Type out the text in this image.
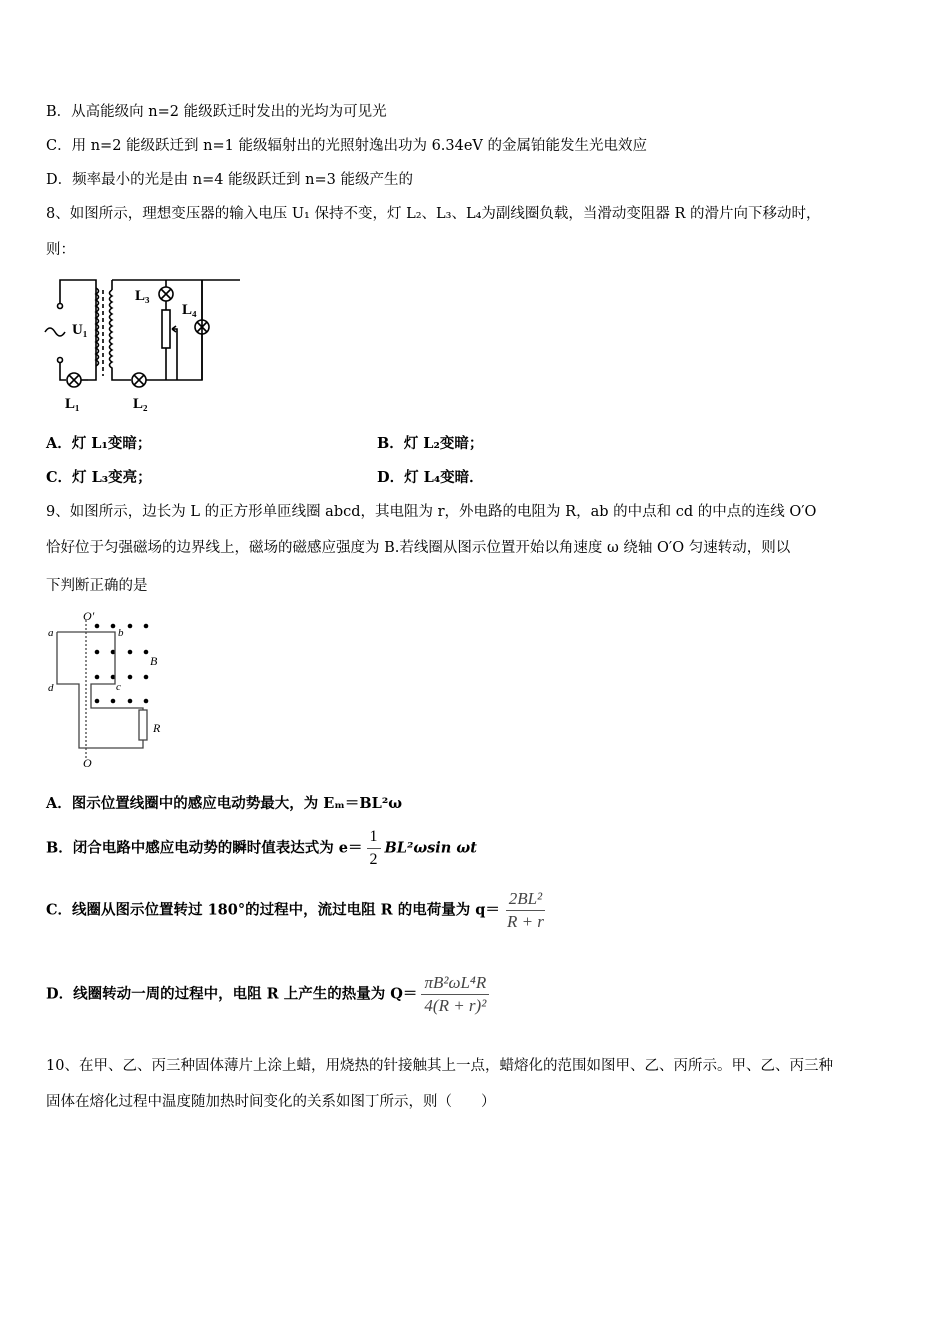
B．从高能级向 n=2 能级跃迁时发出的光均为可见光
C．用 n=2 能级跃迁到 n=1 能级辐射出的光照射逸出功为 6.34eV 的金属铂能发生光电效应
D．频率最小的光是由 n=4 能级跃迁到 n=3 能级产生的
8、如图所示，理想变压器的输入电压 U₁ 保持不变，灯 L₂、L₃、L₄为副线圈负载，当滑动变阻器 R 的滑片向下移动时，
则：
U₁
L₁	L₂
L₃
L₄
A．灯 L₁变暗；	B．灯 L₂变暗；
C．灯 L₃变亮；	D．灯 L₄变暗．
9、如图所示，边长为 L 的正方形单匝线圈 abcd，其电阻为 r，外电路的电阻为 R，ab 的中点和 cd 的中点的连线 O′O
恰好位于匀强磁场的边界线上，磁场的磁感应强度为 B.若线圈从图示位置开始以角速度 ω 绕轴 O′O 匀速转动，则以
下判断正确的是
O′
O
a	b
c
d
B
R
A．图示位置线圈中的感应电动势最大，为 Eₘ＝BL²ω
B．闭合电路中感应电动势的瞬时值表达式为 $e= \frac{1}{2} BL^2\omega\sin$ ωt
C．线圈从图示位置转过 180°的过程中，流过电阻 R 的电荷量为 $q= \frac{\text{2BL²}}{R + r}$
D．线圈转动一周的过程中，电阻 R 上产生的热量为 $Q= \frac{\text{πB²ωL⁴R}}{\text{4(R + r)²}}$
10、在甲、乙、丙三种固体薄片上涂上蜡，用烧热的针接触其上一点，蜡熔化的范围如图甲、乙、丙所示。甲、乙、丙三种
固体在熔化过程中温度随加热时间变化的关系如图丁所示，则（　　）
